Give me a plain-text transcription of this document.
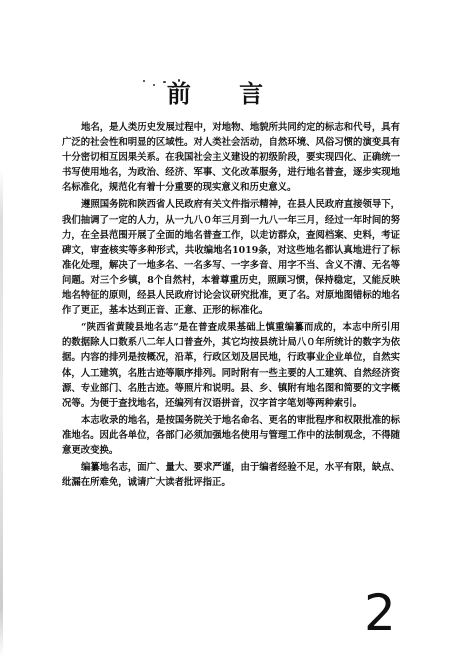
前 言

地名，是人类历史发展过程中，对地物、地貌所共同约定的标志和代号，具有广泛的社会性和明显的区域性。对人类社会活动，自然环境、风俗习惯的演变具有十分密切相互因果关系。在我国社会主义建设的初级阶段，要实现四化、正确统一书写使用地名，为政治、经济、军事、文化改革服务，进行地名普查，逐步实现地名标准化，规范化有着十分重要的现实意义和历史意义。

遵照国务院和陕西省人民政府有关文件指示精神，在县人民政府直接领导下，我们抽调了一定的人力，从一九八０年三月到一九八一年三月，经过一年时间的努力，在全县范围开展了全面的地名普查工作，以走访群众，查阅档案、史料，考证碑文，审查核实等多种形式，共收编地名1019条，对这些地名都认真地进行了标准化处理，解决了一地多名、一名多写、一字多音、用字不当、含义不清、无名等问题。对三个乡镇，8个自然村，本着尊重历史，照顾习惯，保持稳定，又能反映地名特征的原则，经县人民政府讨论会议研究批准，更了名。对原地图错标的地名作了更正，基本达到正音、正意、正形的标准化。

“陕西省黄陵县地名志”是在普查成果基础上慎重编纂而成的，本志中所引用的数据除人口数系八二年人口普查外，其它均按县统计局八０年所统计的数字为依据。内容的排列是按概况，沿革，行政区划及居民地，行政事业企业单位，自然实体，人工建筑，名胜古迹等顺序排列。同时附有一些主要的人工建筑、自然经济资源、专业部门、名胜古迹。等照片和说明。县、乡、镇附有地名图和简要的文字概况等。为便于查找地名，还编列有汉语拼音，汉字首字笔划等两种索引。

本志收录的地名，是按国务院关于地名命名、更名的审批程序和权限批准的标准地名。因此各单位，各部门必须加强地名使用与管理工作中的法制观念，不得随意更改变换。

编纂地名志，面广、量大、要求严谨，由于编者经验不足，水平有限，缺点、纰漏在所难免，诚请广大读者批评指正。

2
